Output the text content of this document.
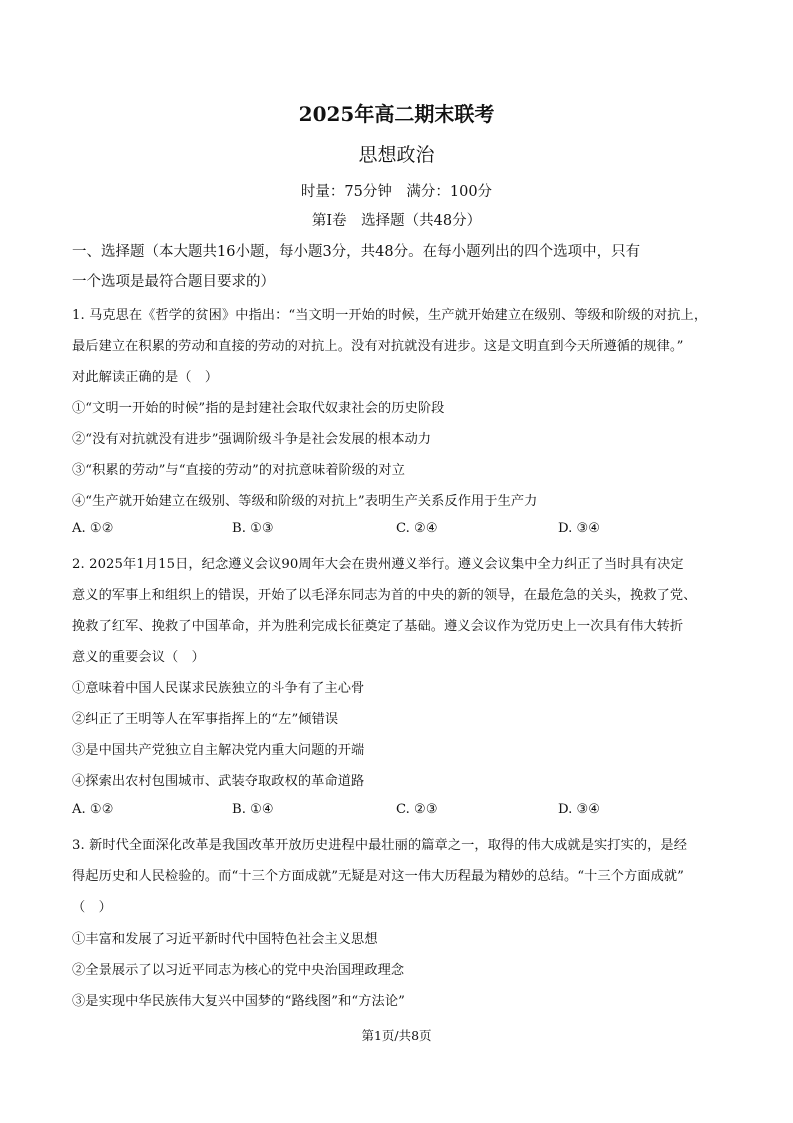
2025年高二期末联考
思想政治
时量：75分钟　满分：100分
第Ⅰ卷　选择题（共48分）
一、选择题（本大题共16小题，每小题3分，共48分。在每小题列出的四个选项中，只有
一个选项是最符合题目要求的）
1. 马克思在《哲学的贫困》中指出：“当文明一开始的时候，生产就开始建立在级别、等级和阶级的对抗上，
最后建立在积累的劳动和直接的劳动的对抗上。没有对抗就没有进步。这是文明直到今天所遵循的规律。”
对此解读正确的是（　）
①“文明一开始的时候”指的是封建社会取代奴隶社会的历史阶段
②“没有对抗就没有进步”强调阶级斗争是社会发展的根本动力
③“积累的劳动”与“直接的劳动”的对抗意味着阶级的对立
④“生产就开始建立在级别、等级和阶级的对抗上”表明生产关系反作用于生产力
A. ①②	B. ①③	C. ②④	D. ③④
2. 2025年1月15日，纪念遵义会议90周年大会在贵州遵义举行。遵义会议集中全力纠正了当时具有决定
意义的军事上和组织上的错误，开始了以毛泽东同志为首的中央的新的领导，在最危急的关头，挽救了党、
挽救了红军、挽救了中国革命，并为胜利完成长征奠定了基础。遵义会议作为党历史上一次具有伟大转折
意义的重要会议（　）
①意味着中国人民谋求民族独立的斗争有了主心骨
②纠正了王明等人在军事指挥上的“左”倾错误
③是中国共产党独立自主解决党内重大问题的开端
④探索出农村包围城市、武装夺取政权的革命道路
A. ①②	B. ①④	C. ②③	D. ③④
3. 新时代全面深化改革是我国改革开放历史进程中最壮丽的篇章之一，取得的伟大成就是实打实的，是经
得起历史和人民检验的。而“十三个方面成就”无疑是对这一伟大历程最为精妙的总结。“十三个方面成就”
（　）
①丰富和发展了习近平新时代中国特色社会主义思想
②全景展示了以习近平同志为核心的党中央治国理政理念
③是实现中华民族伟大复兴中国梦的“路线图”和“方法论”
第1页/共8页
